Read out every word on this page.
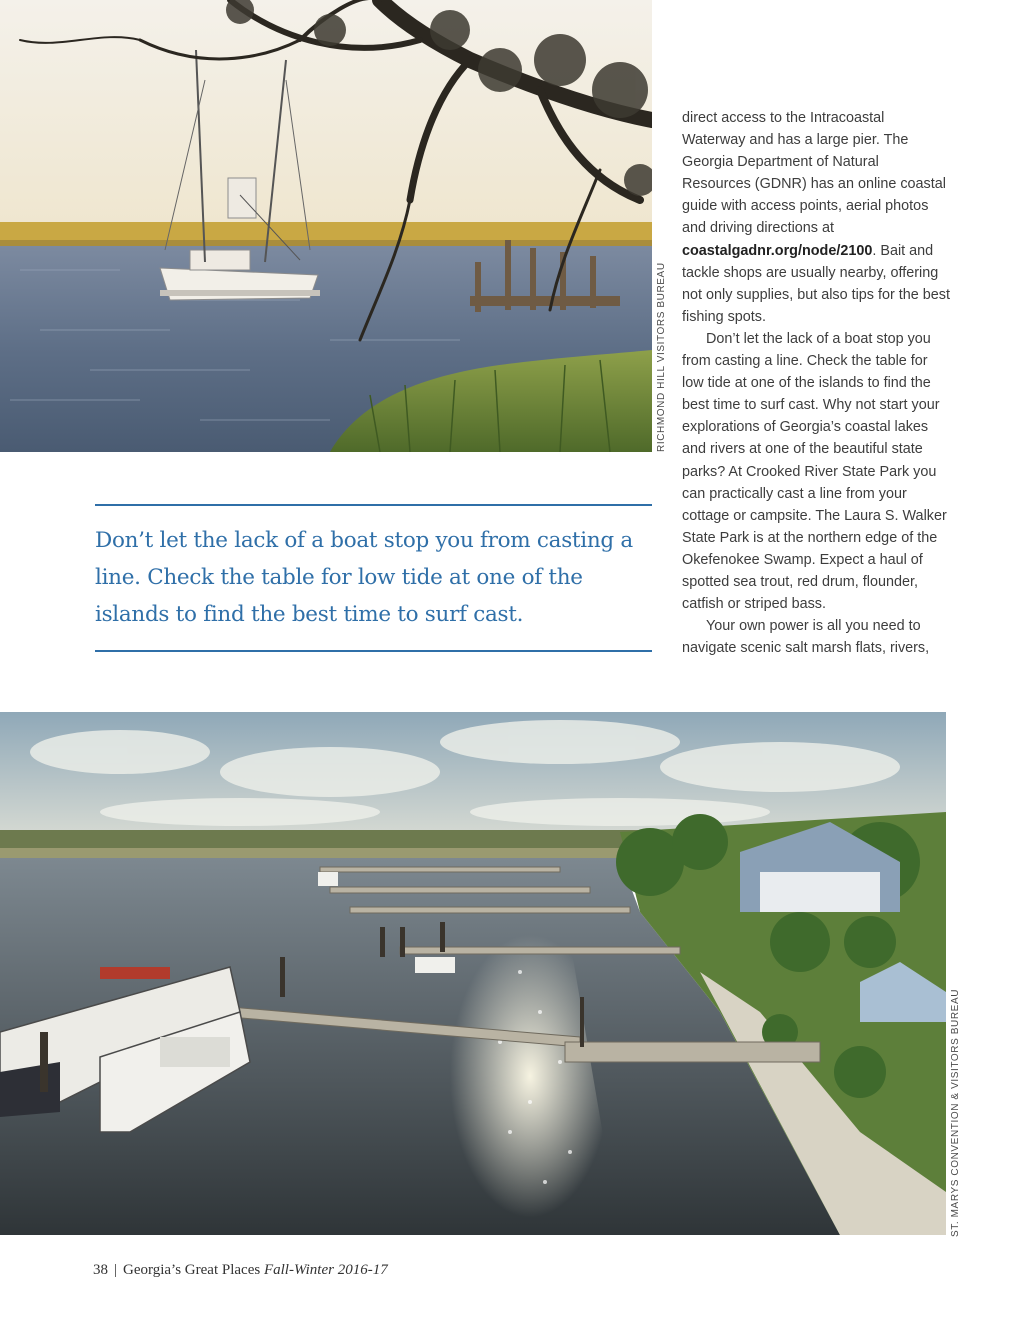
RICHMOND HILL VISITORS BUREAU

direct access to the Intracoastal Waterway and has a large pier. The Georgia Department of Natural Resources (GDNR) has an online coastal guide with access points, aerial photos and driving directions at coastalgadnr.org/node/2100. Bait and tackle shops are usually nearby, offering not only supplies, but also tips for the best fishing spots.

Don’t let the lack of a boat stop you from casting a line. Check the table for low tide at one of the islands to find the best time to surf cast. Why not start your explorations of Georgia’s coastal lakes and rivers at one of the beautiful state parks? At Crooked River State Park you can practically cast a line from your cottage or campsite. The Laura S. Walker State Park is at the northern edge of the Okefenokee Swamp. Expect a haul of spotted sea trout, red drum, flounder, catfish or striped bass.

Your own power is all you need to navigate scenic salt marsh flats, rivers,

Don’t let the lack of a boat stop you from casting a line. Check the table for low tide at one of the islands to find the best time to surf cast.

ST. MARYS CONVENTION & VISITORS BUREAU
38 | Georgia’s Great Places Fall-Winter 2016-17
